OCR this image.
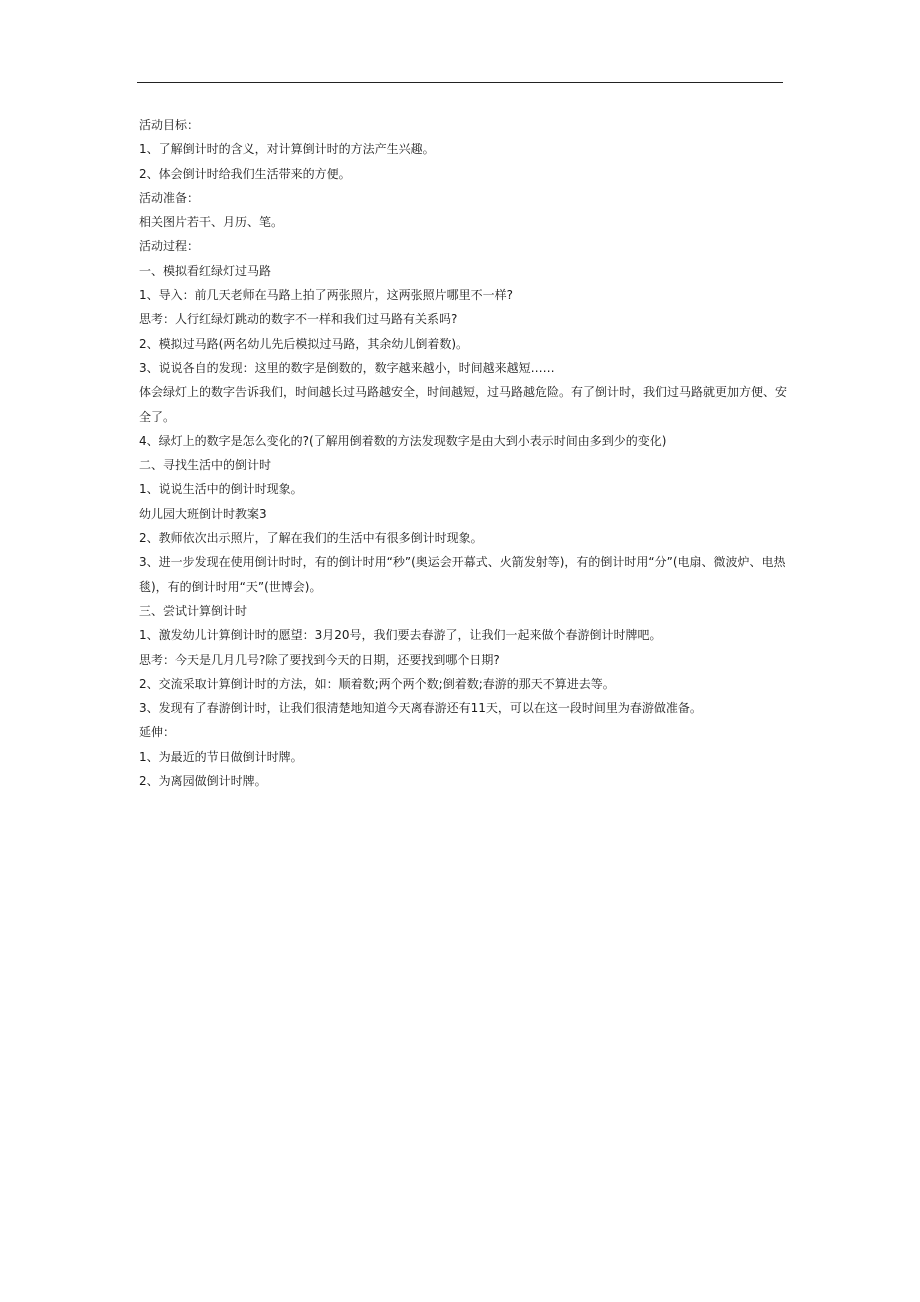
活动目标：
1、了解倒计时的含义，对计算倒计时的方法产生兴趣。
2、体会倒计时给我们生活带来的方便。
活动准备：
相关图片若干、月历、笔。
活动过程：
一、模拟看红绿灯过马路
1、导入：前几天老师在马路上拍了两张照片，这两张照片哪里不一样?
思考：人行红绿灯跳动的数字不一样和我们过马路有关系吗?
2、模拟过马路(两名幼儿先后模拟过马路，其余幼儿倒着数)。
3、说说各自的发现：这里的数字是倒数的，数字越来越小，时间越来越短……
体会绿灯上的数字告诉我们，时间越长过马路越安全，时间越短，过马路越危险。有了倒计时，我们过马路就更加方便、安全了。
4、绿灯上的数字是怎么变化的?(了解用倒着数的方法发现数字是由大到小表示时间由多到少的变化)
二、寻找生活中的倒计时
1、说说生活中的倒计时现象。
幼儿园大班倒计时教案3
2、教师依次出示照片，了解在我们的生活中有很多倒计时现象。
3、进一步发现在使用倒计时时，有的倒计时用“秒”(奥运会开幕式、火箭发射等)，有的倒计时用“分”(电扇、微波炉、电热毯)，有的倒计时用“天”(世博会)。
三、尝试计算倒计时
1、激发幼儿计算倒计时的愿望：3月20号，我们要去春游了，让我们一起来做个春游倒计时牌吧。
思考：今天是几月几号?除了要找到今天的日期，还要找到哪个日期?
2、交流采取计算倒计时的方法，如：顺着数;两个两个数;倒着数;春游的那天不算进去等。
3、发现有了春游倒计时，让我们很清楚地知道今天离春游还有11天，可以在这一段时间里为春游做准备。
延伸：
1、为最近的节日做倒计时牌。
2、为离园做倒计时牌。
